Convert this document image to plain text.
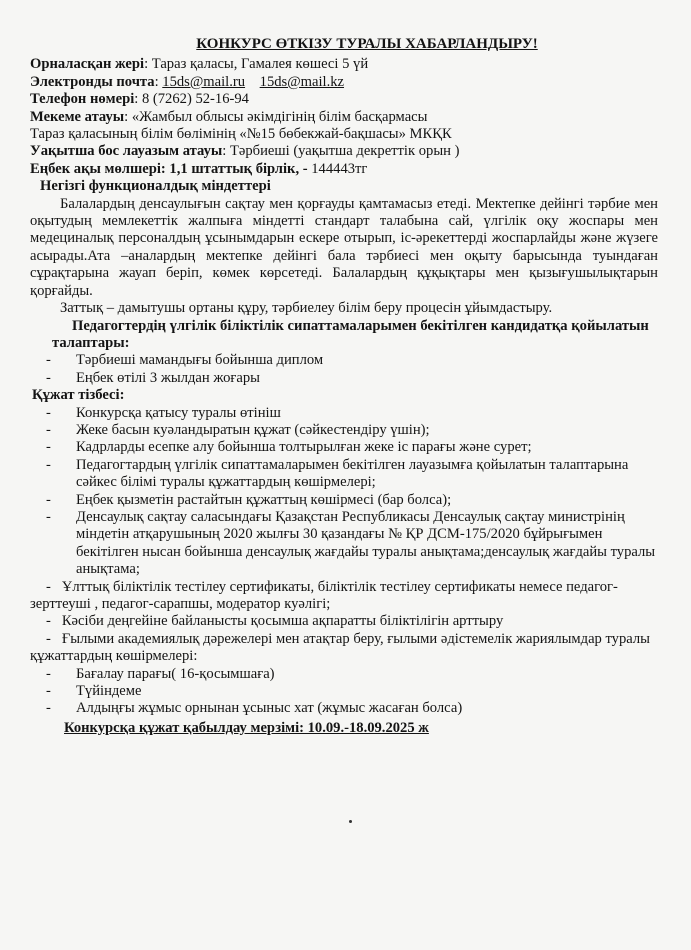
КОНКУРС ӨТКІЗУ ТУРАЛЫ ХАБАРЛАНДЫРУ!
Орналасқан жері: Тараз қаласы, Гамалея көшесі 5 үй
Электронды почта: 15ds@mail.ru 15ds@mail.kz
Телефон нөмері: 8 (7262) 52-16-94
Мекеме атауы: «Жамбыл облысы әкімдігінің білім басқармасы
Тараз қаласының білім бөлімінің «№15 бөбекжай-бақшасы» МКҚК
Уақытша бос лауазым атауы: Тәрбиеші (уақытша декреттік орын )
Еңбек ақы мөлшері: 1,1 штаттық бірлік, - 144443тг
Негізгі функционалдық міндеттері
Балалардың денсаулығын сақтау мен қорғауды қамтамасыз етеді. Мектепке дейінгі тәрбие мен оқытудың мемлекеттік жалпыға міндетті стандарт талабына сай, үлгілік оқу жоспары мен медециналық персоналдың ұсынымдарын ескере отырып, іс-әрекеттерді жоспарлайды және жүзеге асырады.Ата –аналардың мектепке дейінгі бала тәрбиесі мен оқыту барысында туындаған сұрақтарына жауап беріп, көмек көрсетеді. Балалардың құқықтары мен қызығушылықтарын қорғайды.
Заттық – дамытушы ортаны құру, тәрбиелеу білім беру процесін ұйымдастыру.
Педагогтердің үлгілік біліктілік сипаттамаларымен бекітілген кандидатқа қойылатын талаптары:
- Тәрбиеші мамандығы бойынша диплом
- Еңбек өтілі 3 жылдан жоғары
Құжат тізбесі:
- Конкурсқа қатысу туралы өтініш
- Жеке басын куәландыратын құжат (сәйкестендіру үшін);
- Кадрларды есепке алу бойынша толтырылған жеке іс парағы және сурет;
- Педагогтардың үлгілік сипаттамаларымен бекітілген лауазымға қойылатын талаптарына сәйкес білімі туралы құжаттардың көшірмелері;
- Еңбек қызметін растайтын құжаттың көшірмесі (бар болса);
- Денсаулық сақтау саласындағы Қазақстан Республикасы Денсаулық сақтау министрінің міндетін атқарушының 2020 жылғы 30 қазандағы № ҚР ДСМ-175/2020 бұйрығымен бекітілген нысан бойынша денсаулық жағдайы туралы анықтама;денсаулық жағдайы туралы анықтама;
- Ұлттық біліктілік тестілеу сертификаты, біліктілік тестілеу сертификаты немесе педагог-зерттеуші , педагог-сарапшы, модератор куәлігі;
- Кәсіби деңгейіне байланысты қосымша ақпаратты біліктілігін арттыру
- Ғылыми академиялық дәрежелері мен атақтар беру, ғылыми әдістемелік жариялымдар туралы құжаттардың көшірмелері:
- Бағалау парағы( 16-қосымшаға)
- Түйіндеме
- Алдыңғы жұмыс орнынан ұсыныс хат (жұмыс жасаған болса)
Конкурсқа құжат қабылдау мерзімі: 10.09.-18.09.2025 ж
